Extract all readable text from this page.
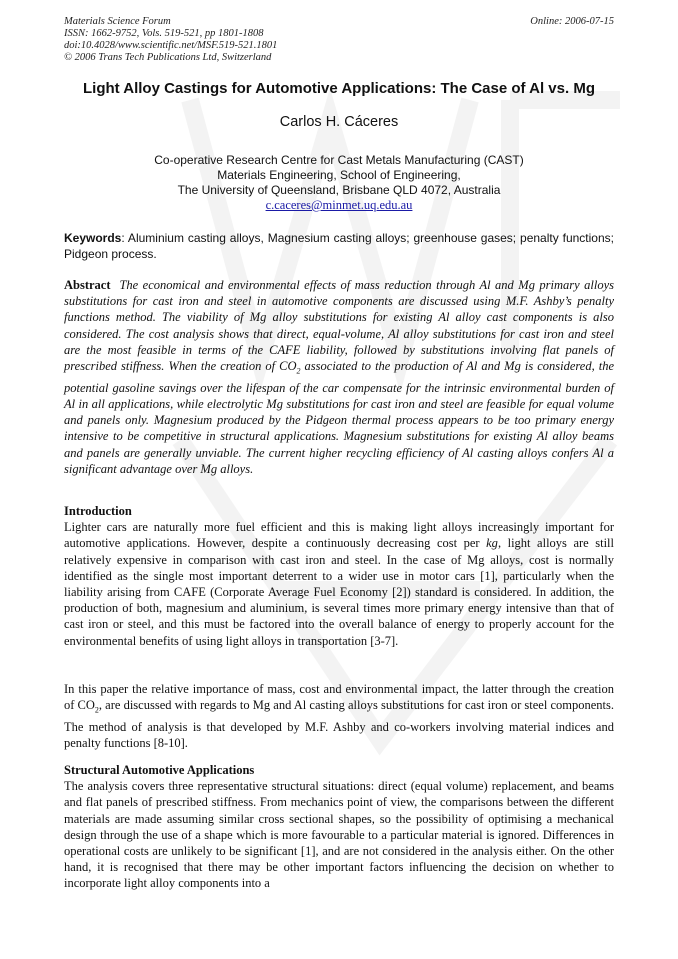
Materials Science Forum
ISSN: 1662-9752, Vols. 519-521, pp 1801-1808
doi:10.4028/www.scientific.net/MSF.519-521.1801
© 2006 Trans Tech Publications Ltd, Switzerland
Online: 2006-07-15
Light Alloy Castings for Automotive Applications: The Case of Al vs. Mg
Carlos H. Cáceres
Co-operative Research Centre for Cast Metals Manufacturing (CAST)
Materials Engineering, School of Engineering,
The University of Queensland, Brisbane QLD 4072, Australia
c.caceres@minmet.uq.edu.au
Keywords: Aluminium casting alloys, Magnesium casting alloys; greenhouse gases; penalty functions; Pidgeon process.
Abstract The economical and environmental effects of mass reduction through Al and Mg primary alloys substitutions for cast iron and steel in automotive components are discussed using M.F. Ashby’s penalty functions method. The viability of Mg alloy substitutions for existing Al alloy cast components is also considered. The cost analysis shows that direct, equal-volume, Al alloy substitutions for cast iron and steel are the most feasible in terms of the CAFE liability, followed by substitutions involving flat panels of prescribed stiffness. When the creation of $CO_2$ associated to the production of Al and Mg is considered, the potential gasoline savings over the lifespan of the car compensate for the intrinsic environmental burden of Al in all applications, while electrolytic Mg substitutions for cast iron and steel are feasible for equal volume and panels only. Magnesium produced by the Pidgeon thermal process appears to be too primary energy intensive to be competitive in structural applications. Magnesium substitutions for existing Al alloy beams and panels are generally unviable. The current higher recycling efficiency of Al casting alloys confers Al a significant advantage over Mg alloys.
Introduction

Lighter cars are naturally more fuel efficient and this is making light alloys increasingly important for automotive applications. However, despite a continuously decreasing cost per kg, light alloys are still relatively expensive in comparison with cast iron and steel. In the case of Mg alloys, cost is normally identified as the single most important deterrent to a wider use in motor cars [1], particularly when the liability arising from CAFE (Corporate Average Fuel Economy [2]) standard is considered. In addition, the production of both, magnesium and aluminium, is several times more primary energy intensive than that of cast iron or steel, and this must be factored into the overall balance of energy to properly account for the environmental benefits of using light alloys in transportation [3-7].

In this paper the relative importance of mass, cost and environmental impact, the latter through the creation of $CO_2$, are discussed with regards to Mg and Al casting alloys substitutions for cast iron or steel components. The method of analysis is that developed by M.F. Ashby and co-workers involving material indices and penalty functions [8-10].
Structural Automotive Applications

The analysis covers three representative structural situations: direct (equal volume) replacement, and beams and flat panels of prescribed stiffness. From mechanics point of view, the comparisons between the different materials are made assuming similar cross sectional shapes, so the possibility of optimising a mechanical design through the use of a shape which is more favourable to a particular material is ignored. Differences in operational costs are unlikely to be significant [1], and are not considered in the analysis either. On the other hand, it is recognised that there may be other important factors influencing the decision on whether to incorporate light alloy components into a
